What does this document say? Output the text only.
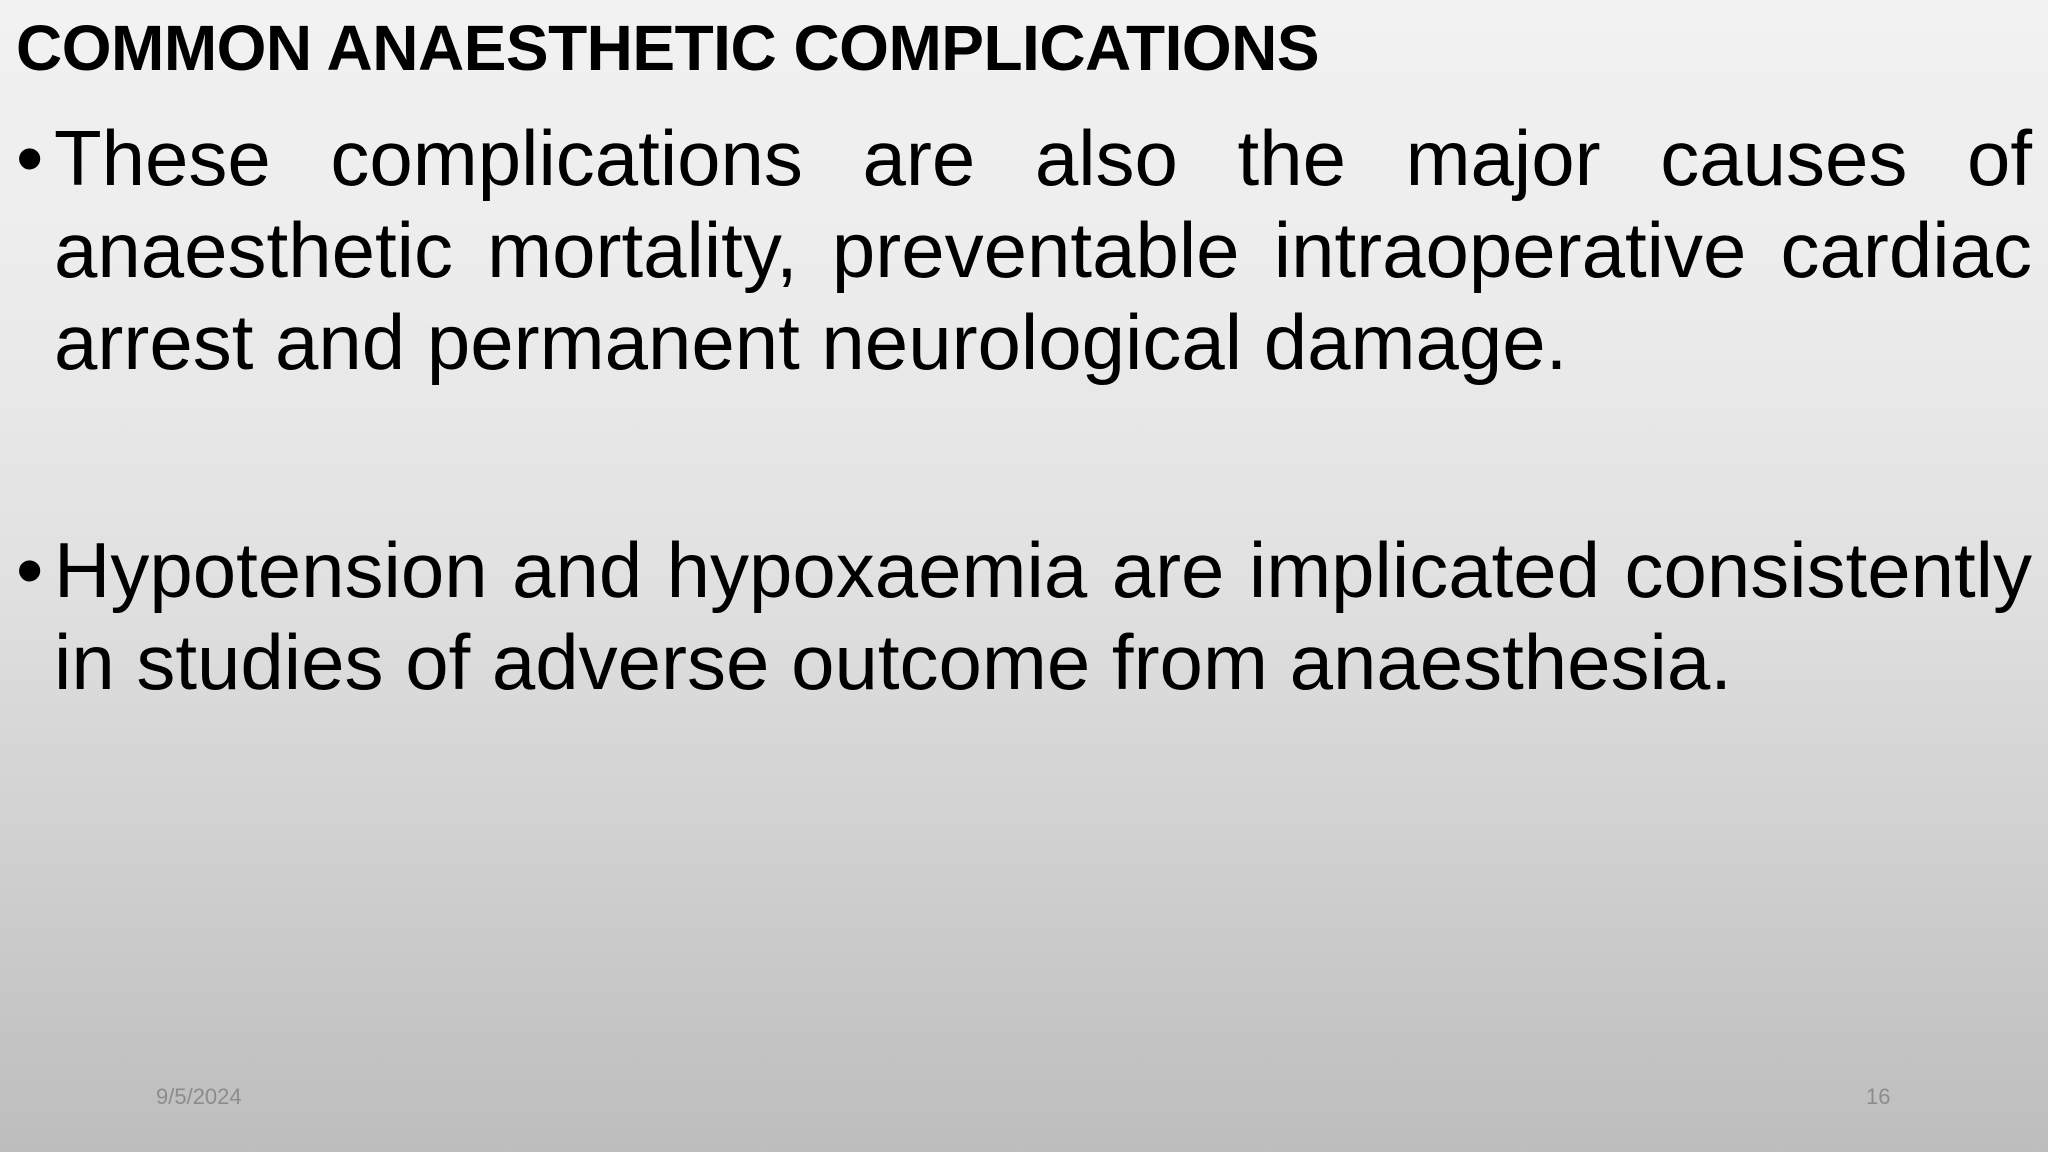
COMMON ANAESTHETIC COMPLICATIONS
• These complications are also the major causes of anaesthetic mortality, preventable intraoperative cardiac arrest and permanent neurological damage.
• Hypotension and hypoxaemia are implicated consistently in studies of adverse outcome from anaesthesia.
9/5/2024	16
